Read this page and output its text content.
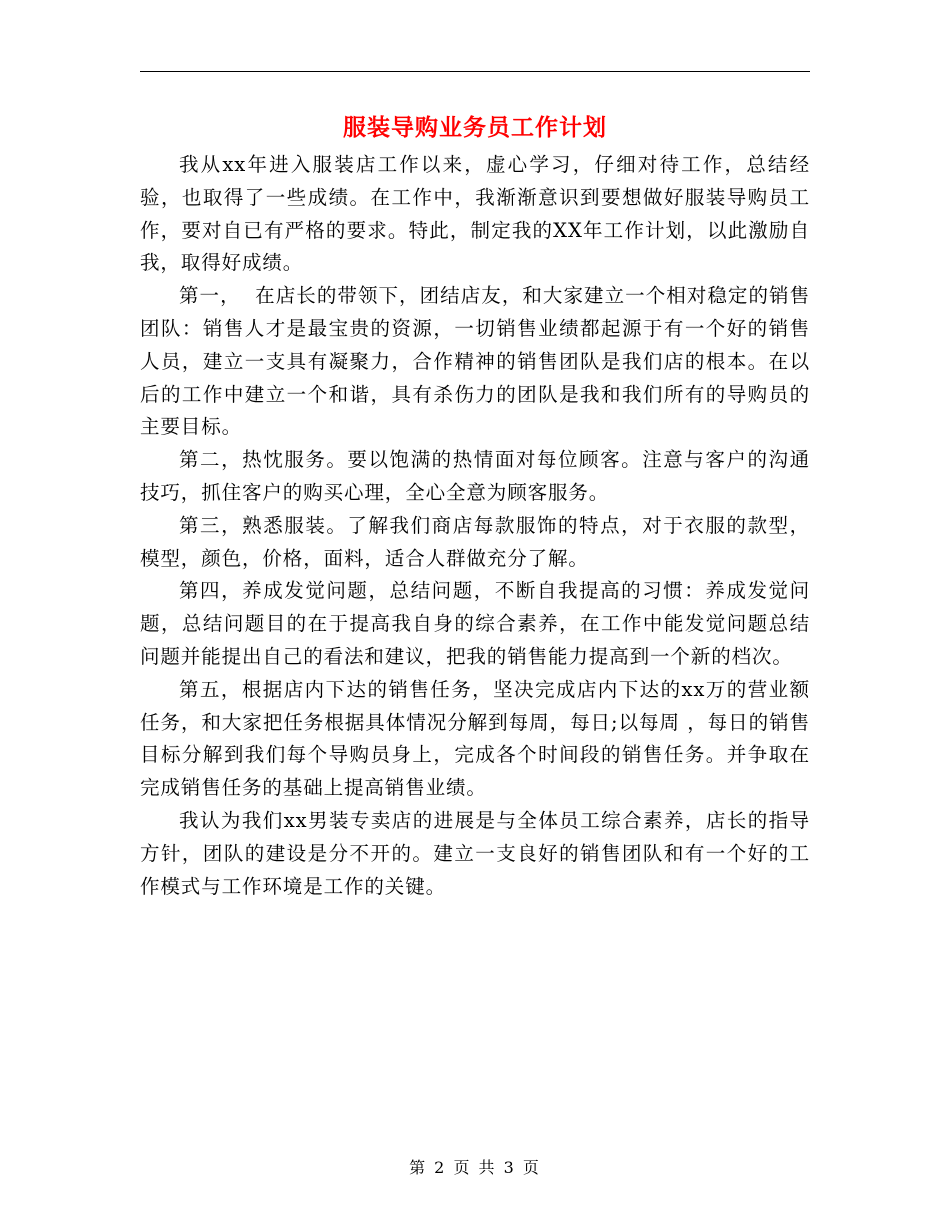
服装导购业务员工作计划

我从xx年进入服装店工作以来，虚心学习，仔细对待工作，总结经验，也取得了一些成绩。在工作中，我渐渐意识到要想做好服装导购员工作，要对自已有严格的要求。特此，制定我的XX年工作计划，以此激励自我，取得好成绩。

第一，  在店长的带领下，团结店友，和大家建立一个相对稳定的销售团队：销售人才是最宝贵的资源，一切销售业绩都起源于有一个好的销售人员，建立一支具有凝聚力，合作精神的销售团队是我们店的根本。在以后的工作中建立一个和谐，具有杀伤力的团队是我和我们所有的导购员的主要目标。

第二，热忱服务。要以饱满的热情面对每位顾客。注意与客户的沟通技巧，抓住客户的购买心理，全心全意为顾客服务。

第三，熟悉服装。了解我们商店每款服饰的特点，对于衣服的款型，模型，颜色，价格，面料，适合人群做充分了解。

第四，养成发觉问题，总结问题，不断自我提高的习惯：养成发觉问题，总结问题目的在于提高我自身的综合素养，在工作中能发觉问题总结问题并能提出自己的看法和建议，把我的销售能力提高到一个新的档次。

第五，根据店内下达的销售任务，坚决完成店内下达的xx万的营业额任务，和大家把任务根据具体情况分解到每周，每日;以每周 ，每日的销售目标分解到我们每个导购员身上，完成各个时间段的销售任务。并争取在完成销售任务的基础上提高销售业绩。

我认为我们xx男装专卖店的进展是与全体员工综合素养，店长的指导方针，团队的建设是分不开的。建立一支良好的销售团队和有一个好的工作模式与工作环境是工作的关键。

第 2 页 共 3 页
